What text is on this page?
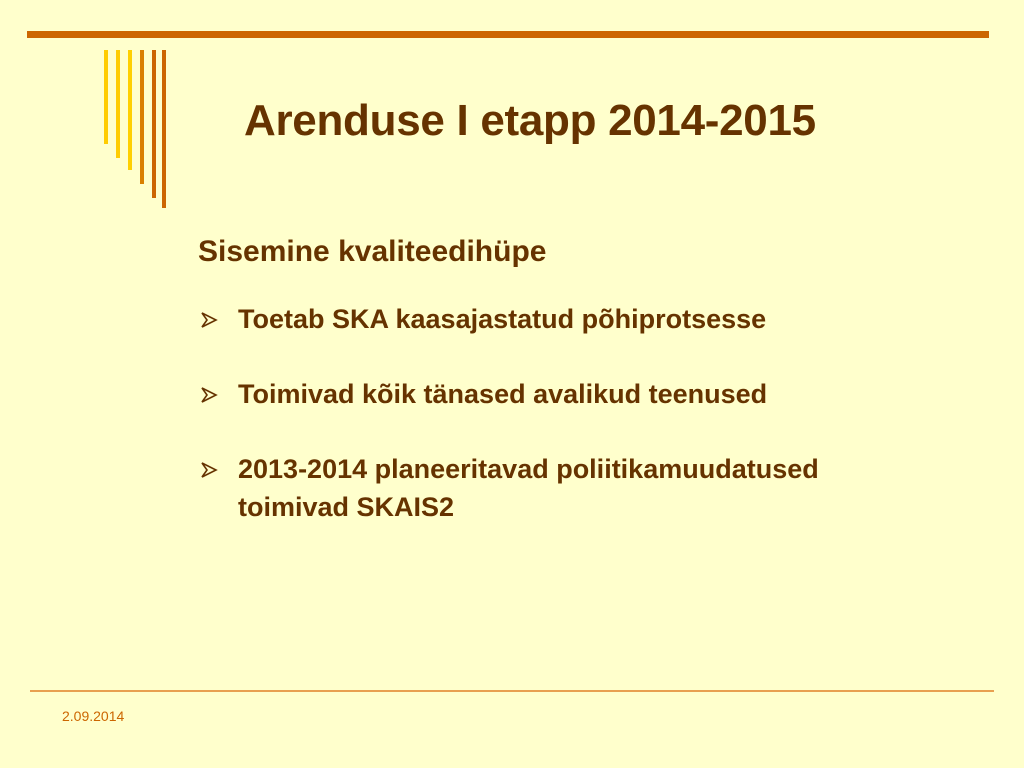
Arenduse I etapp 2014-2015
Sisemine kvaliteedihüpe
Toetab SKA kaasajastatud põhiprotsesse
Toimivad kõik tänased avalikud teenused
2013-2014 planeeritavad poliitikamuudatused toimivad SKAIS2
2.09.2014
